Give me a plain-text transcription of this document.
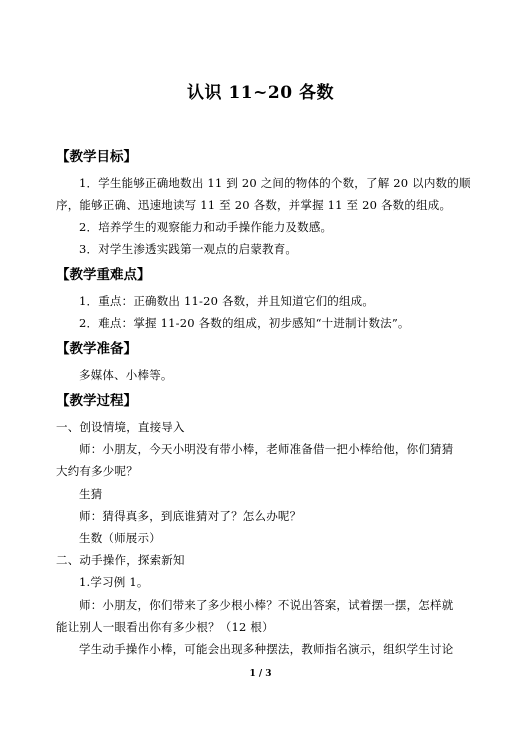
认识 11~20 各数
【教学目标】
1．学生能够正确地数出 11 到 20 之间的物体的个数，了解 20 以内数的顺
序，能够正确、迅速地读写 11 至 20 各数，并掌握 11 至 20 各数的组成。
2．培养学生的观察能力和动手操作能力及数感。
3．对学生渗透实践第一观点的启蒙教育。
【教学重难点】
1．重点：正确数出 11-20 各数，并且知道它们的组成。
2．难点：掌握 11-20 各数的组成，初步感知“十进制计数法”。
【教学准备】
多媒体、小棒等。
【教学过程】
一、创设情境，直接导入
师：小朋友，今天小明没有带小棒，老师准备借一把小棒给他，你们猜猜
大约有多少呢？
生猜
师：猜得真多，到底谁猜对了？怎么办呢？
生数（师展示）
二、动手操作，探索新知
1.学习例 1。
师：小朋友，你们带来了多少根小棒？不说出答案，试着摆一摆，怎样就
能让别人一眼看出你有多少根？（12 根）
学生动手操作小棒，可能会出现多种摆法，教师指名演示，组织学生讨论
1 / 3
